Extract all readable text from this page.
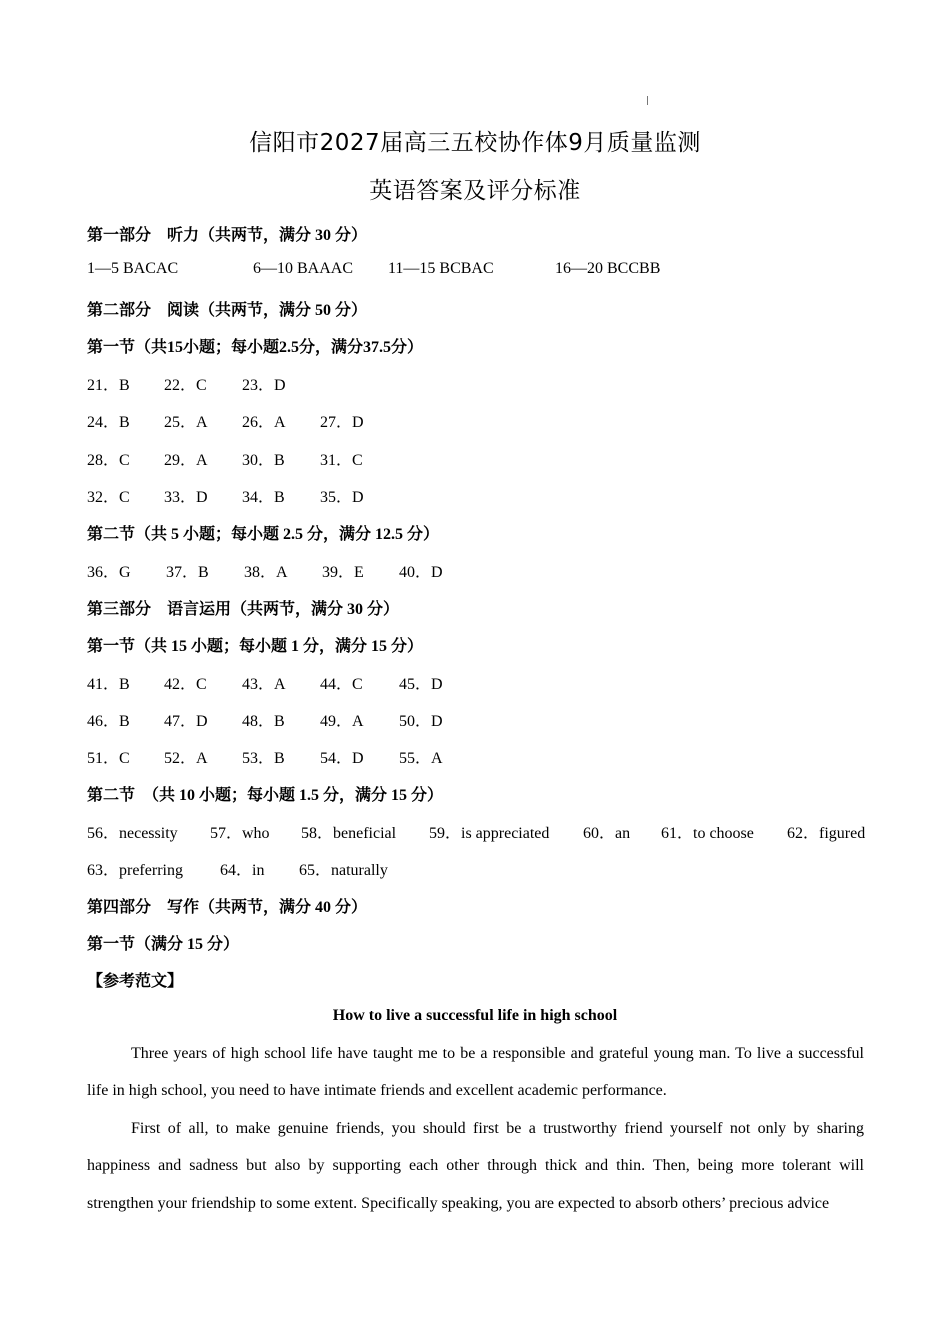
信阳市2027届高三五校协作体9月质量监测
英语答案及评分标准
第一部分　听力（共两节，满分 30 分）
1—5 BACAC	6—10 BAAAC 11—15 BCBAC	16—20 BCCBB
第二部分　阅读（共两节，满分 50 分）
第一节（共15小题；每小题2.5分，满分37.5分）
21．B 22．C 23．D
24．B 25．A 26．A 27．D
28．C 29．A 30．B 31．C
32．C 33．D 34．B 35．D
第二节（共 5 小题；每小题 2.5 分，满分 12.5 分）
36．G 37．B 38．A 39．E 40．D
第三部分　语言运用（共两节，满分 30 分）
第一节（共 15 小题；每小题 1 分，满分 15 分）
41．B 42．C 43．A 44．C 45．D
46．B 47．D 48．B 49．A 50．D
51．C 52．A 53．B 54．D 55．A
第二节　（共 10 小题；每小题 1.5 分，满分 15 分）
56．necessity 57．who 58．beneficial 59．is appreciated 60．an 61．to choose 62．figured
63．preferring 64．in 65．naturally
第四部分　写作（共两节，满分 40 分）
第一节（满分 15 分）
【参考范文】
How to live a successful life in high school
Three years of high school life have taught me to be a responsible and grateful young man. To live a successful life in high school, you need to have intimate friends and excellent academic performance.
First of all, to make genuine friends, you should first be a trustworthy friend yourself not only by sharing happiness and sadness but also by supporting each other through thick and thin. Then, being more tolerant will strengthen your friendship to some extent. Specifically speaking, you are expected to absorb others’ precious advice
